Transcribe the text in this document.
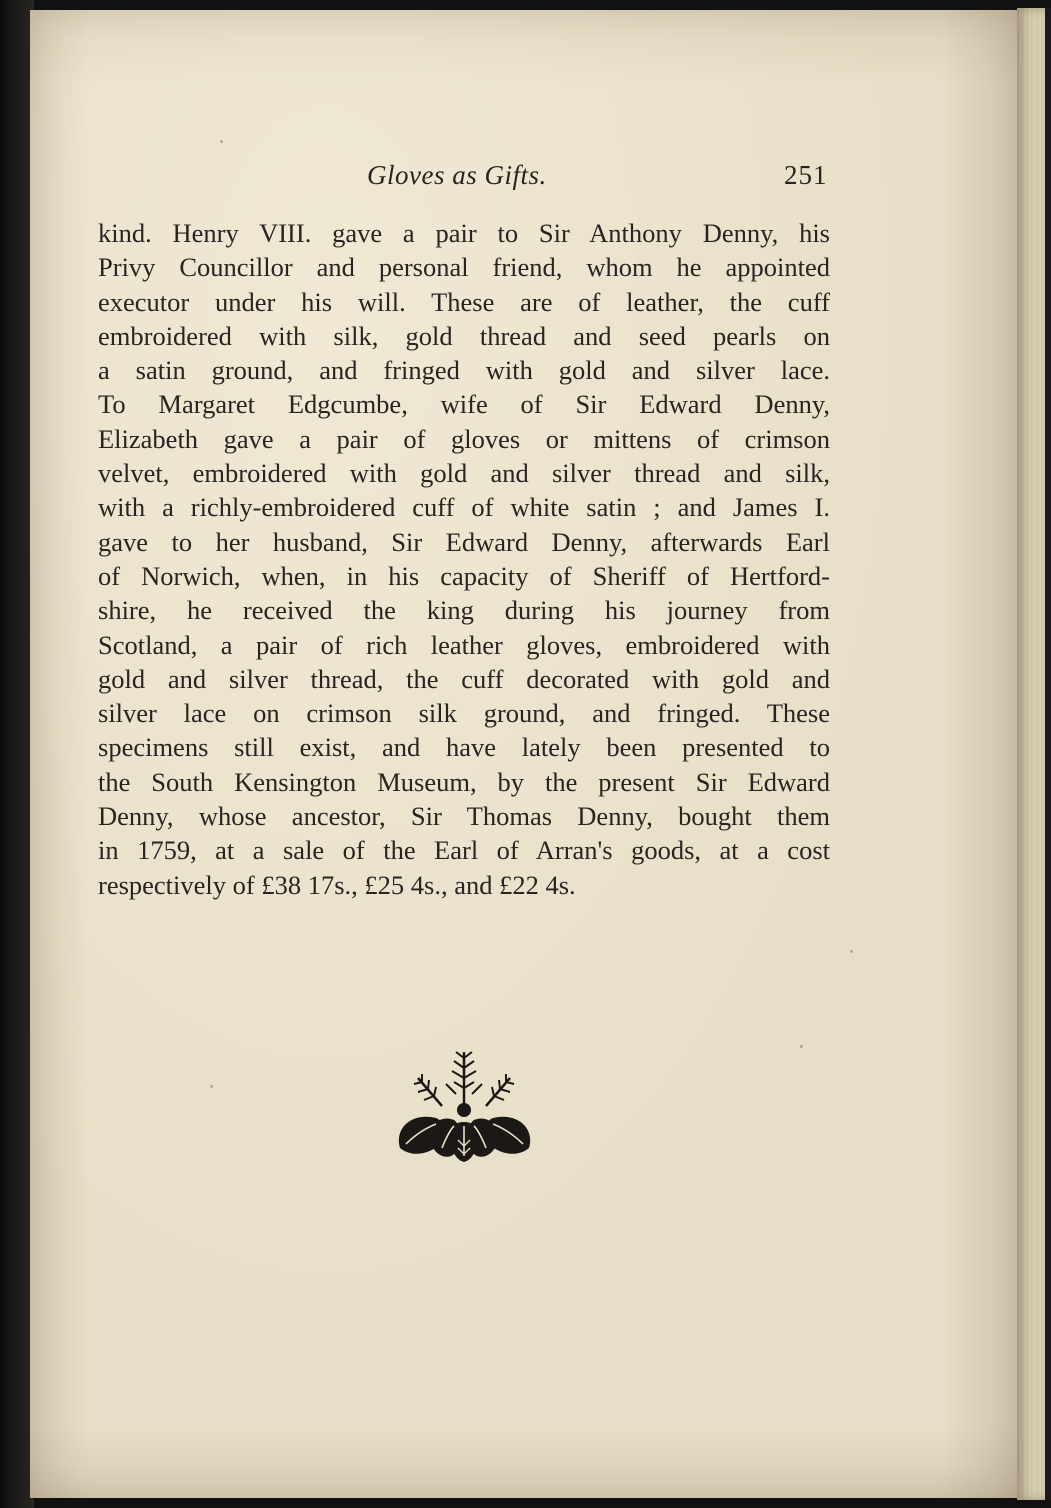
Gloves as Gifts.	251

kind. Henry VIII. gave a pair to Sir Anthony Denny, his
Privy Councillor and personal friend, whom he appointed
executor under his will. These are of leather, the cuff
embroidered with silk, gold thread and seed pearls on
a satin ground, and fringed with gold and silver lace.
To Margaret Edgcumbe, wife of Sir Edward Denny,
Elizabeth gave a pair of gloves or mittens of crimson
velvet, embroidered with gold and silver thread and silk,
with a richly-embroidered cuff of white satin ; and James I.
gave to her husband, Sir Edward Denny, afterwards Earl
of Norwich, when, in his capacity of Sheriff of Hertford-
shire, he received the king during his journey from
Scotland, a pair of rich leather gloves, embroidered with
gold and silver thread, the cuff decorated with gold and
silver lace on crimson silk ground, and fringed. These
specimens still exist, and have lately been presented to
the South Kensington Museum, by the present Sir Edward
Denny, whose ancestor, Sir Thomas Denny, bought them
in 1759, at a sale of the Earl of Arran's goods, at a cost
respectively of £38 17s., £25 4s., and £22 4s.
